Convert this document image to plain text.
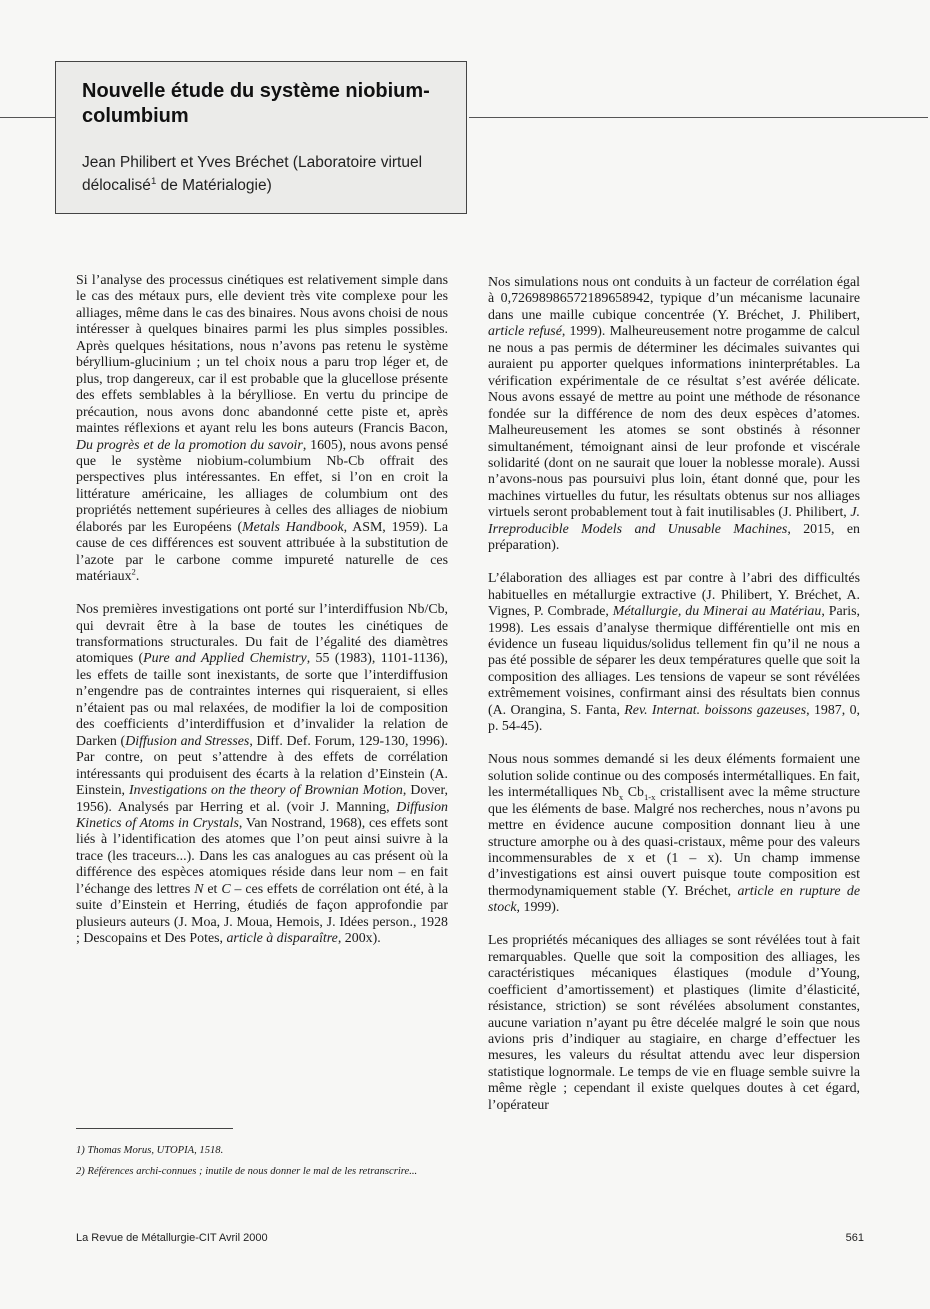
Nouvelle étude du système niobium-columbium
Jean Philibert et Yves Bréchet (Laboratoire virtuel délocalisé$^1$ de Matérialogie)

Si l’analyse des processus cinétiques est relativement simple dans le cas des métaux purs, elle devient très vite complexe pour les alliages, même dans le cas des binaires. Nous avons choisi de nous intéresser à quelques binaires parmi les plus simples possibles. Après quelques hésitations, nous n’avons pas retenu le système béryllium-glucinium ; un tel choix nous a paru trop léger et, de plus, trop dangereux, car il est probable que la glucellose présente des effets semblables à la bérylliose. En vertu du principe de précaution, nous avons donc abandonné cette piste et, après maintes réflexions et ayant relu les bons auteurs (Francis Bacon, Du progrès et de la promotion du savoir, 1605), nous avons pensé que le système niobium-columbium Nb-Cb offrait des perspectives plus intéressantes. En effet, si l’on en croit la littérature américaine, les alliages de columbium ont des propriétés nettement supérieures à celles des alliages de niobium élaborés par les Européens (Metals Handbook, ASM, 1959). La cause de ces différences est souvent attribuée à la substitution de l’azote par le carbone comme impureté naturelle de ces matériaux$^2$.

Nos premières investigations ont porté sur l’interdiffusion Nb/Cb, qui devrait être à la base de toutes les cinétiques de transformations structurales. Du fait de l’égalité des diamètres atomiques (Pure and Applied Chemistry, 55 (1983), 1101-1136), les effets de taille sont inexistants, de sorte que l’interdiffusion n’engendre pas de contraintes internes qui risqueraient, si elles n’étaient pas ou mal relaxées, de modifier la loi de composition des coefficients d’interdiffusion et d’invalider la relation de Darken (Diffusion and Stresses, Diff. Def. Forum, 129-130, 1996). Par contre, on peut s’attendre à des effets de corrélation intéressants qui produisent des écarts à la relation d’Einstein (A. Einstein, Investigations on the theory of Brownian Motion, Dover, 1956). Analysés par Herring et al. (voir J. Manning, Diffusion Kinetics of Atoms in Crystals, Van Nostrand, 1968), ces effets sont liés à l’identification des atomes que l’on peut ainsi suivre à la trace (les traceurs...). Dans les cas analogues au cas présent où la différence des espèces atomiques réside dans leur nom – en fait l’échange des lettres N et C – ces effets de corrélation ont été, à la suite d’Einstein et Herring, étudiés de façon approfondie par plusieurs auteurs (J. Moa, J. Moua, Hemois, J. Idées person., 1928 ; Descopains et Des Potes, article à disparaître, 200x).

1) Thomas Morus, UTOPIA, 1518.

2) Références archi-connues ; inutile de nous donner le mal de les retranscrire...

Nos simulations nous ont conduits à un facteur de corrélation égal à 0,72698986572189658942, typique d’un mécanisme lacunaire dans une maille cubique concentrée (Y. Bréchet, J. Philibert, article refusé, 1999). Malheureusement notre progamme de calcul ne nous a pas permis de déterminer les décimales suivantes qui auraient pu apporter quelques informations ininterprétables. La vérification expérimentale de ce résultat s’est avérée délicate. Nous avons essayé de mettre au point une méthode de résonance fondée sur la différence de nom des deux espèces d’atomes. Malheureusement les atomes se sont obstinés à résonner simultanément, témoignant ainsi de leur profonde et viscérale solidarité (dont on ne saurait que louer la noblesse morale). Aussi n’avons-nous pas poursuivi plus loin, étant donné que, pour les machines virtuelles du futur, les résultats obtenus sur nos alliages virtuels seront probablement tout à fait inutilisables (J. Philibert, J. Irreproducible Models and Unusable Machines, 2015, en préparation).

L’élaboration des alliages est par contre à l’abri des difficultés habituelles en métallurgie extractive (J. Philibert, Y. Bréchet, A. Vignes, P. Combrade, Métallurgie, du Minerai au Matériau, Paris, 1998). Les essais d’analyse thermique différentielle ont mis en évidence un fuseau liquidus/solidus tellement fin qu’il ne nous a pas été possible de séparer les deux températures quelle que soit la composition des alliages. Les tensions de vapeur se sont révélées extrêmement voisines, confirmant ainsi des résultats bien connus (A. Orangina, S. Fanta, Rev. Internat. boissons gazeuses, 1987, 0, p. 54-45).

Nous nous sommes demandé si les deux éléments formaient une solution solide continue ou des composés intermétalliques. En fait, les intermétalliques $Nb_x$ $Cb_{1-x}$ cristallisent avec la même structure que les éléments de base. Malgré nos recherches, nous n’avons pu mettre en évidence aucune composition donnant lieu à une structure amorphe ou à des quasi-cristaux, même pour des valeurs incommensurables de x et (1 – x). Un champ immense d’investigations est ainsi ouvert puisque toute composition est thermodynamiquement stable (Y. Bréchet, article en rupture de stock, 1999).

Les propriétés mécaniques des alliages se sont révélées tout à fait remarquables. Quelle que soit la composition des alliages, les caractéristiques mécaniques élastiques (module d’Young, coefficient d’amortissement) et plastiques (limite d’élasticité, résistance, striction) se sont révélées absolument constantes, aucune variation n’ayant pu être décelée malgré le soin que nous avions pris d’indiquer au stagiaire, en charge d’effectuer les mesures, les valeurs du résultat attendu avec leur dispersion statistique lognormale. Le temps de vie en fluage semble suivre la même règle ; cependant il existe quelques doutes à cet égard, l’opérateur

La Revue de Métallurgie-CIT Avril 2000	561
